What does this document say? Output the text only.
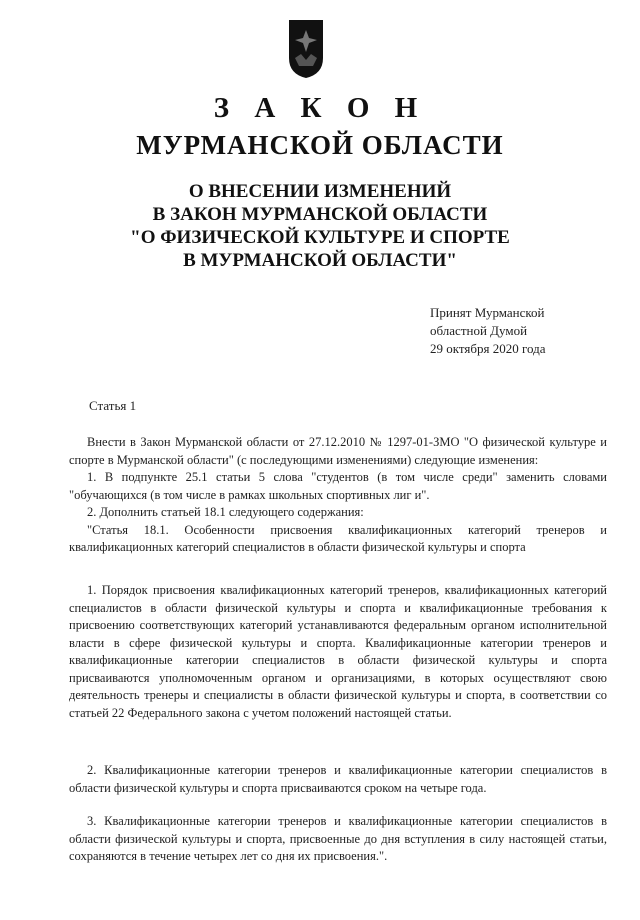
З А К О Н
МУРМАНСКОЙ ОБЛАСТИ
О ВНЕСЕНИИ ИЗМЕНЕНИЙ
В ЗАКОН МУРМАНСКОЙ ОБЛАСТИ
"О ФИЗИЧЕСКОЙ КУЛЬТУРЕ И СПОРТЕ
В МУРМАНСКОЙ ОБЛАСТИ"
Принят Мурманской
областной Думой
29 октября 2020 года
Статья 1

Внести в Закон Мурманской области от 27.12.2010 № 1297-01-ЗМО "О физической культуре и спорте в Мурманской области" (с последующими изменениями) следующие изменения:

1. В подпункте 25.1 статьи 5 слова "студентов (в том числе среди" заменить словами "обучающихся (в том числе в рамках школьных спортивных лиг и".

2. Дополнить статьей 18.1 следующего содержания:

"Статья 18.1. Особенности присвоения квалификационных категорий тренеров и квалификационных категорий специалистов в области физической культуры и спорта

1. Порядок присвоения квалификационных категорий тренеров, квалификационных категорий специалистов в области физической культуры и спорта и квалификационные требования к присвоению соответствующих категорий устанавливаются федеральным органом исполнительной власти в сфере физической культуры и спорта. Квалификационные категории тренеров и квалификационные категории специалистов в области физической культуры и спорта присваиваются уполномоченным органом и организациями, в которых осуществляют свою деятельность тренеры и специалисты в области физической культуры и спорта, в соответствии со статьей 22 Федерального закона с учетом положений настоящей статьи.

2. Квалификационные категории тренеров и квалификационные категории специалистов в области физической культуры и спорта присваиваются сроком на четыре года.

3. Квалификационные категории тренеров и квалификационные категории специалистов в области физической культуры и спорта, присвоенные до дня вступления в силу настоящей статьи, сохраняются в течение четырех лет со дня их присвоения.".
